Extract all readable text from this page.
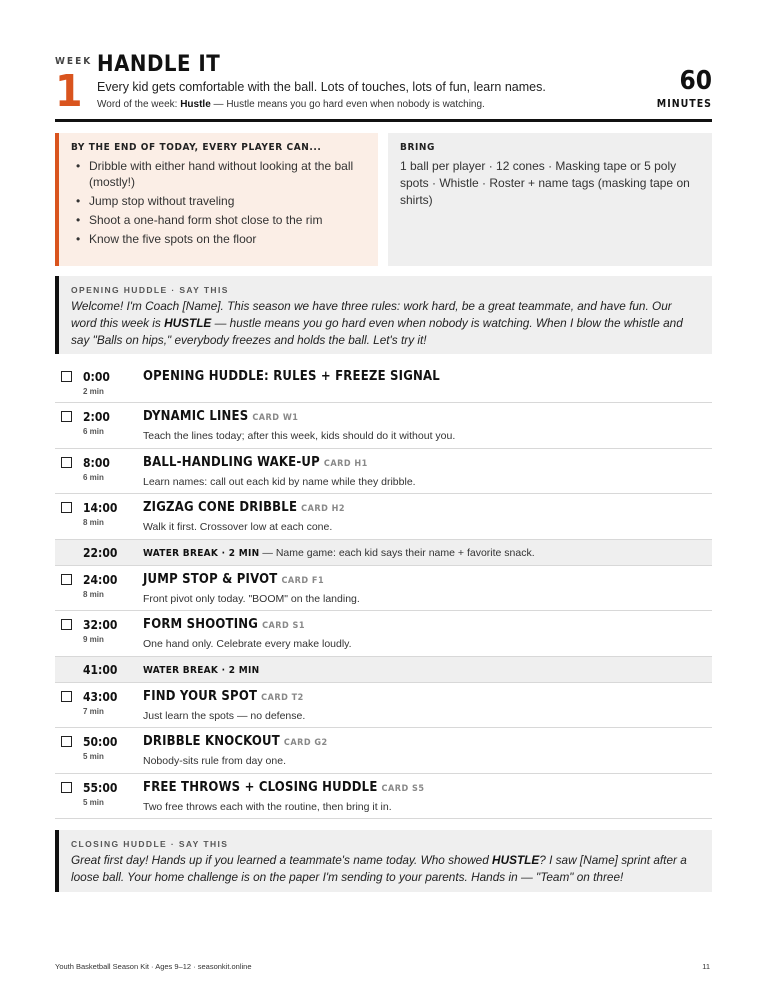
WEEK
1
HANDLE IT
Every kid gets comfortable with the ball. Lots of touches, lots of fun, learn names.
Word of the week: Hustle — Hustle means you go hard even when nobody is watching.
60
MINUTES
BY THE END OF TODAY, EVERY PLAYER CAN...
• Dribble with either hand without looking at the ball (mostly!)
• Jump stop without traveling
• Shoot a one-hand form shot close to the rim
• Know the five spots on the floor
BRING
1 ball per player · 12 cones · Masking tape or 5 poly spots · Whistle · Roster + name tags (masking tape on shirts)
OPENING HUDDLE · SAY THIS
Welcome! I'm Coach [Name]. This season we have three rules: work hard, be a great teammate, and have fun. Our word this week is HUSTLE — hustle means you go hard even when nobody is watching. When I blow the whistle and say "Balls on hips," everybody freezes and holds the ball. Let's try it!
0:00
2 min
OPENING HUDDLE: RULES + FREEZE SIGNAL
2:00
6 min
DYNAMIC LINES CARD W1
Teach the lines today; after this week, kids should do it without you.
8:00
6 min
BALL-HANDLING WAKE-UP CARD H1
Learn names: call out each kid by name while they dribble.
14:00
8 min
ZIGZAG CONE DRIBBLE CARD H2
Walk it first. Crossover low at each cone.
22:00	WATER BREAK · 2 MIN — Name game: each kid says their name + favorite snack.
24:00
8 min
JUMP STOP & PIVOT CARD F1
Front pivot only today. "BOOM" on the landing.
32:00
9 min
FORM SHOOTING CARD S1
One hand only. Celebrate every make loudly.
41:00	WATER BREAK · 2 MIN
43:00
7 min
FIND YOUR SPOT CARD T2
Just learn the spots — no defense.
50:00
5 min
DRIBBLE KNOCKOUT CARD G2
Nobody-sits rule from day one.
55:00
5 min
FREE THROWS + CLOSING HUDDLE CARD S5
Two free throws each with the routine, then bring it in.
CLOSING HUDDLE · SAY THIS
Great first day! Hands up if you learned a teammate's name today. Who showed HUSTLE? I saw [Name] sprint after a loose ball. Your home challenge is on the paper I'm sending to your parents. Hands in — "Team" on three!
Youth Basketball Season Kit · Ages 9–12 · seasonkit.online	11
